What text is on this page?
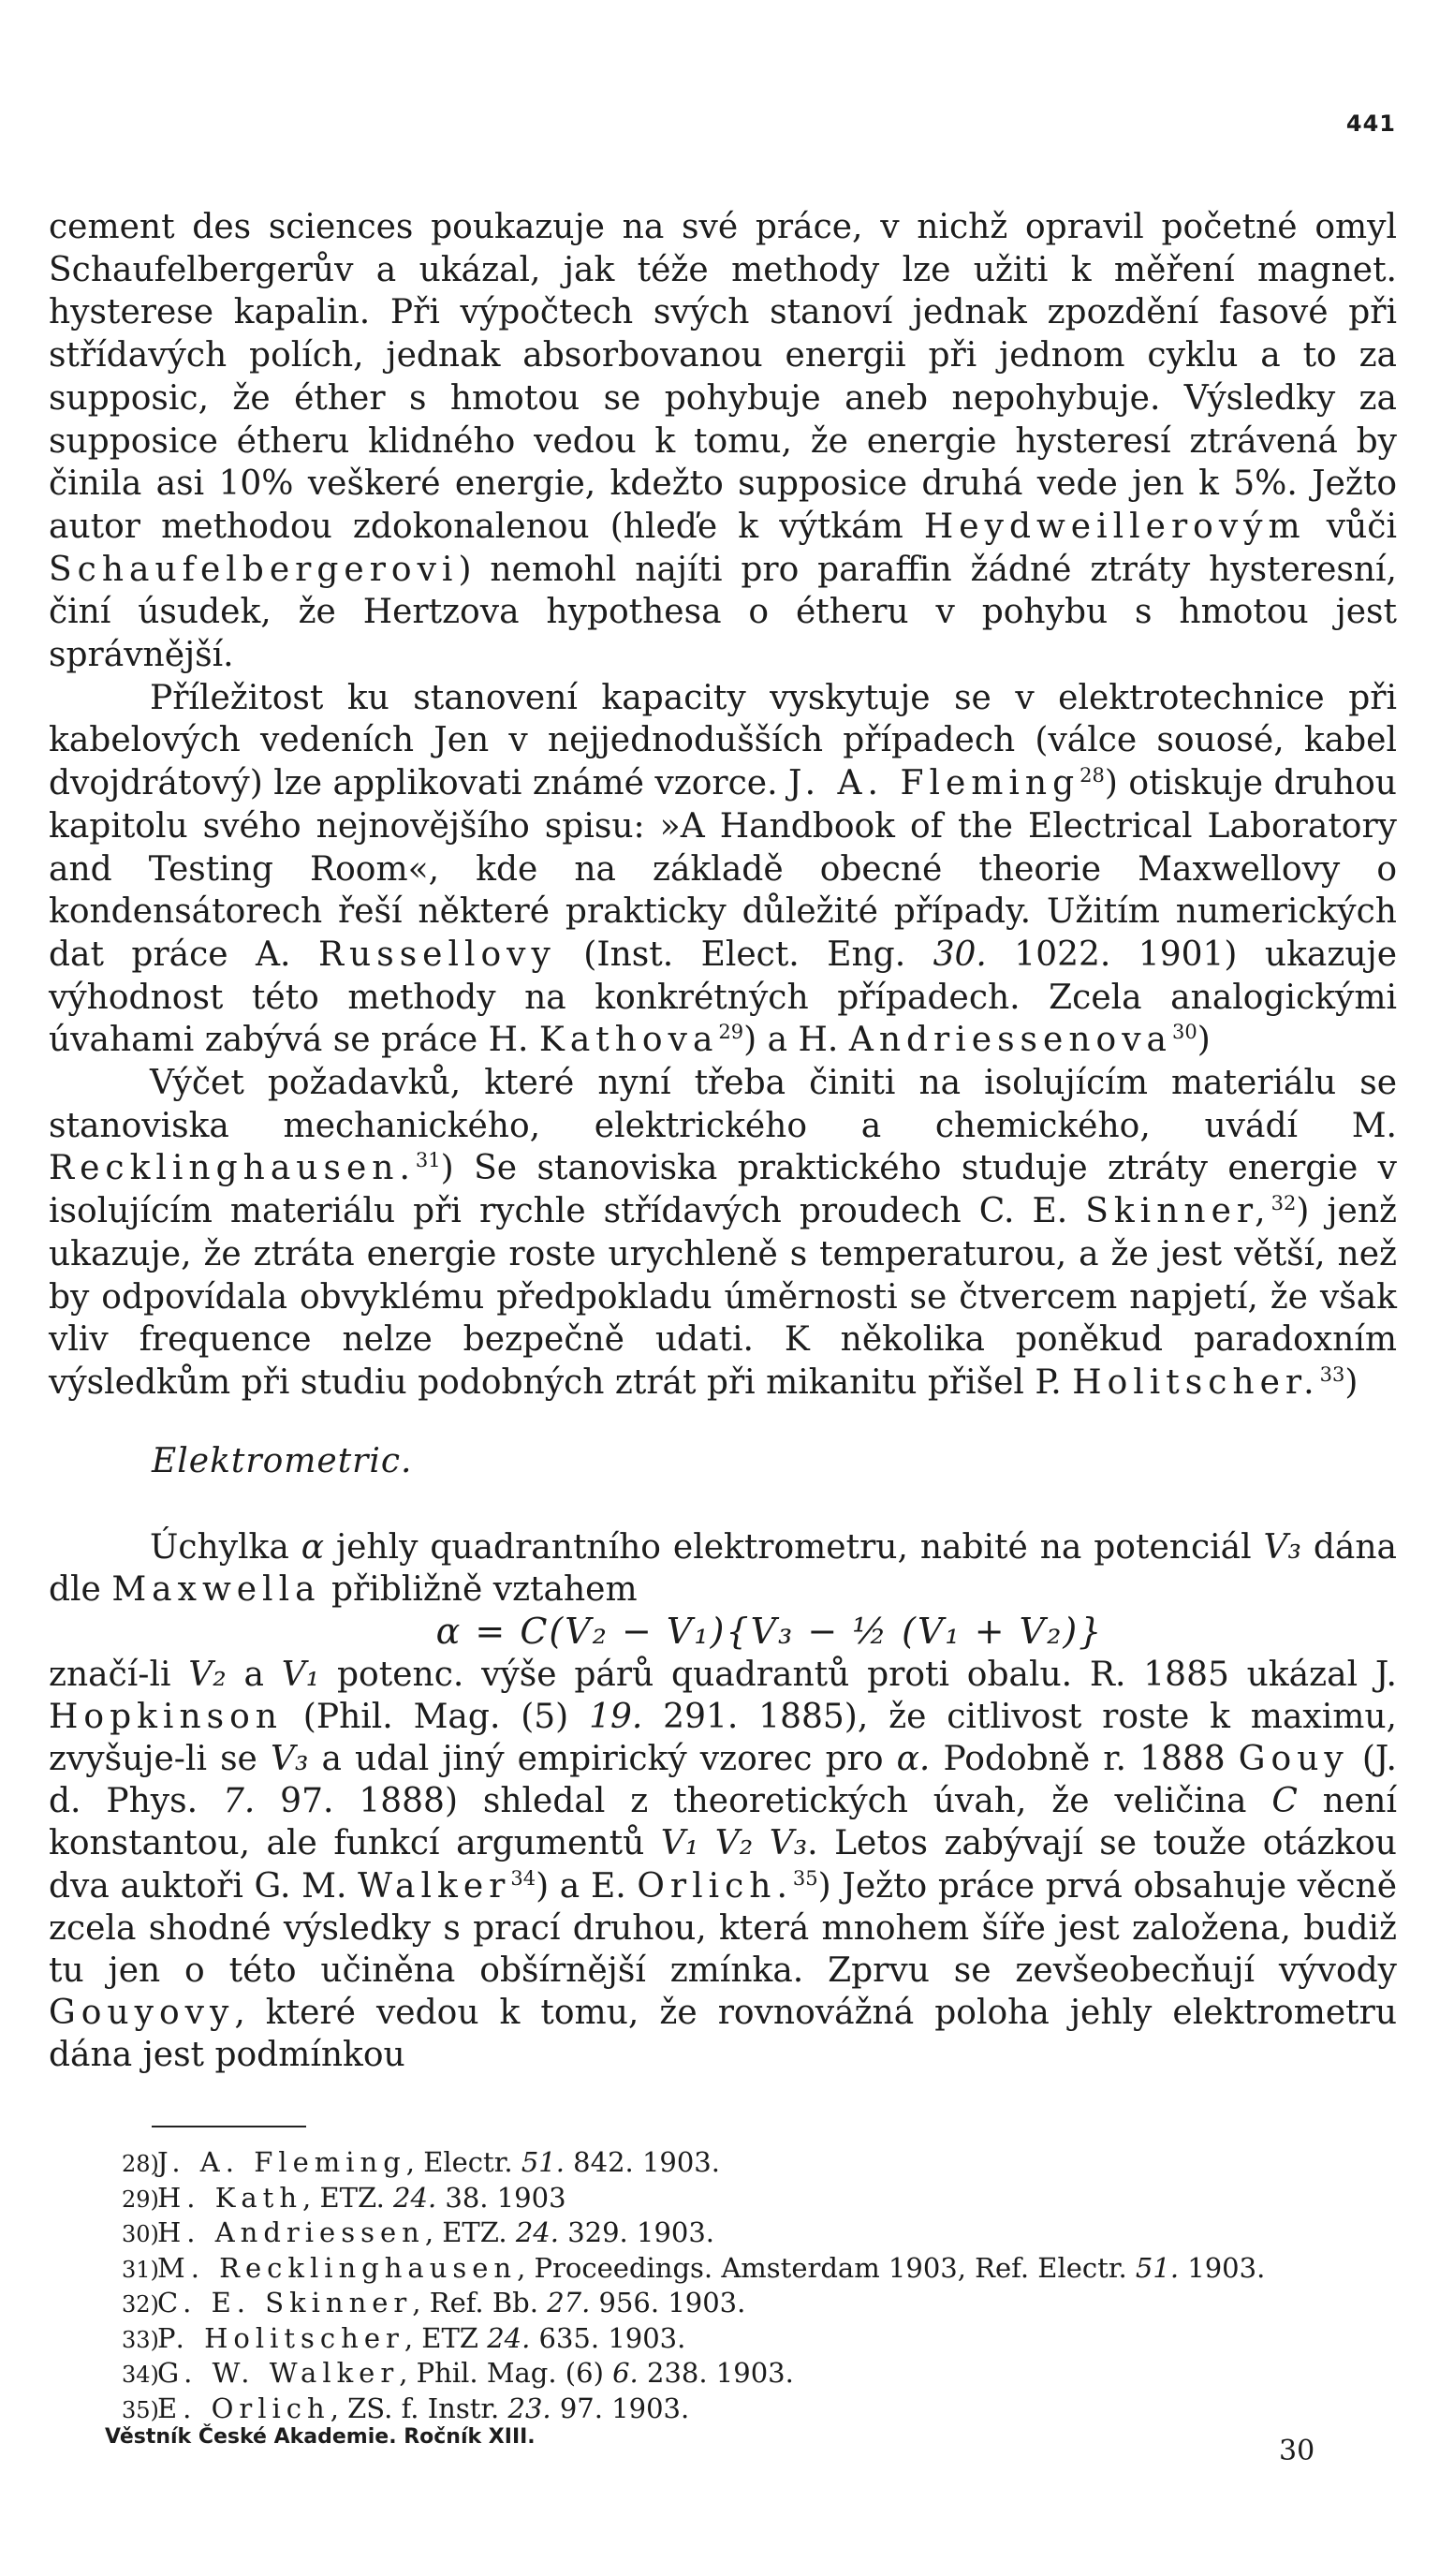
441

cement des sciences poukazuje na své práce, v nichž opravil početné omyl Schaufelbergerův a ukázal, jak téže methody lze užiti k měření magnet. hysterese kapalin. Při výpočtech svých stanoví jednak zpozdění fasové při střídavých polích, jednak absorbovanou energii při jednom cyklu a to za supposic, že éther s hmotou se pohybuje aneb nepohybuje. Výsledky za supposice étheru klidného vedou k tomu, že energie hysteresí ztrávená by činila asi 10% veškeré energie, kdežto supposice druhá vede jen k 5%. Ježto autor methodou zdokonalenou (hleďe k výtkám Heydweillerovým vůči Schaufelbergerovi) nemohl najíti pro paraffin žádné ztráty hysteresní, činí úsudek, že Hertzova hypothesa o étheru v pohybu s hmotou jest správnější.

Příležitost ku stanovení kapacity vyskytuje se v elektrotechnice při kabelových vedeních Jen v nejjednodušších případech (válce souosé, kabel dvojdrátový) lze applikovati známé vzorce. J. A. Fleming$^{28}$) otiskuje druhou kapitolu svého nejnovějšího spisu: »A Handbook of the Electrical Laboratory and Testing Room«, kde na základě obecné theorie Maxwellovy o kondensátorech řeší některé prakticky důležité případy. Užitím numerických dat práce A. Russellovy (Inst. Elect. Eng. 30. 1022. 1901) ukazuje výhodnost této methody na konkrétných případech. Zcela analogickými úvahami zabývá se práce H. Kathova$^{29}$) a H. Andriessenova$^{30}$)

Výčet požadavků, které nyní třeba činiti na isolujícím materiálu se stanoviska mechanického, elektrického a chemického, uvádí M. Recklinghausen.$^{31}$) Se stanoviska praktického studuje ztráty energie v isolujícím materiálu při rychle střídavých proudech C. E. Skinner,$^{32}$) jenž ukazuje, že ztráta energie roste urychleně s temperaturou, a že jest větší, než by odpovídala obvyklému předpokladu úměrnosti se čtvercem napjetí, že však vliv frequence nelze bezpečně udati. K několika poněkud paradoxním výsledkům při studiu podobných ztrát při mikanitu přišel P. Holitscher.$^{33}$)

Elektrometric.

Úchylka α jehly quadrantního elektrometru, nabité na potenciál V₃ dána dle Maxwella přibližně vztahem

α = C(V₂ − V₁){V₃ − ½ (V₁ + V₂)}

značí-li V₂ a V₁ potenc. výše párů quadrantů proti obalu. R. 1885 ukázal J. Hopkinson (Phil. Mag. (5) 19. 291. 1885), že citlivost roste k maximu, zvyšuje-li se V₃ a udal jiný empirický vzorec pro α. Podobně r. 1888 Gouy (J. d. Phys. 7. 97. 1888) shledal z theoretických úvah, že veličina C není konstantou, ale funkcí argumentů V₁ V₂ V₃. Letos zabývají se touže otázkou dva auktoři G. M. Walker$^{34}$) a E. Orlich.$^{35}$) Ježto práce prvá obsahuje věcně zcela shodné výsledky s prací druhou, která mnohem šíře jest založena, budiž tu jen o této učiněna obšírnější zmínka. Zprvu se zevšeobecňují vývody Gouyovy, které vedou k tomu, že rovnovážná poloha jehly elektrometru dána jest podmínkou

28)J. A. Fleming, Electr. 51. 842. 1903.
29)H. Kath, ETZ. 24. 38. 1903
30)H. Andriessen, ETZ. 24. 329. 1903.
31)M. Recklinghausen, Proceedings. Amsterdam 1903, Ref. Electr. 51. 1903.
32)C. E. Skinner, Ref. Bb. 27. 956. 1903.
33)P. Holitscher, ETZ 24. 635. 1903.
34)G. W. Walker, Phil. Mag. (6) 6. 238. 1903.
35)E. Orlich, ZS. f. Instr. 23. 97. 1903.
Věstník České Akademie. Ročník XIII.	30
